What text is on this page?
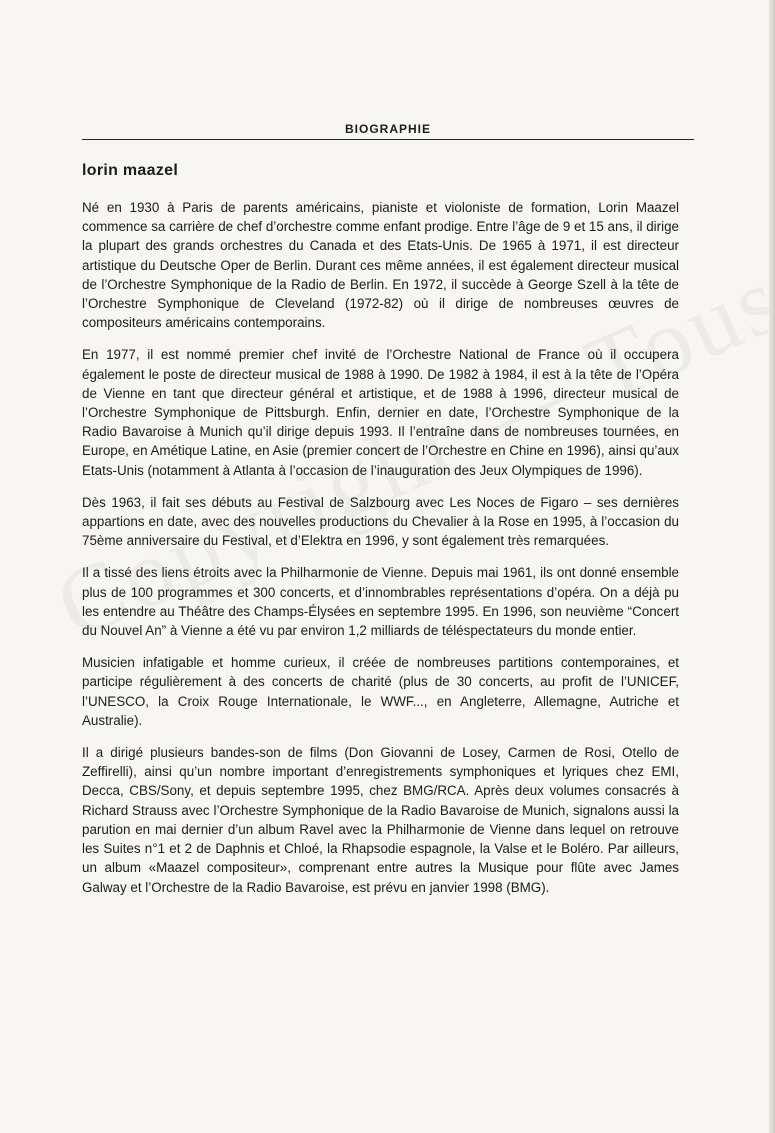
BIOGRAPHIE
lorin maazel

Né en 1930 à Paris de parents américains, pianiste et violoniste de formation, Lorin Maazel commence sa carrière de chef d’orchestre comme enfant prodige. Entre l’âge de 9 et 15 ans, il dirige la plupart des grands orchestres du Canada et des Etats-Unis. De 1965 à 1971, il est directeur artistique du Deutsche Oper de Berlin. Durant ces même années, il est également directeur musical de l’Orchestre Symphonique de la Radio de Berlin. En 1972, il succède à George Szell à la tête de l’Orchestre Symphonique de Cleveland (1972-82) où il dirige de nombreuses œuvres de compositeurs américains contemporains.

En 1977, il est nommé premier chef invité de l’Orchestre National de France où il occupera également le poste de directeur musical de 1988 à 1990. De 1982 à 1984, il est à la tête de l’Opéra de Vienne en tant que directeur général et artistique, et de 1988 à 1996, directeur musical de l’Orchestre Symphonique de Pittsburgh. Enfin, dernier en date, l’Orchestre Symphonique de la Radio Bavaroise à Munich qu’il dirige depuis 1993. Il l’entraîne dans de nombreuses tournées, en Europe, en Amétique Latine, en Asie (premier concert de l’Orchestre en Chine en 1996), ainsi qu’aux Etats-Unis (notamment à Atlanta à l’occasion de l’inauguration des Jeux Olympiques de 1996).

Dès 1963, il fait ses débuts au Festival de Salzbourg avec Les Noces de Figaro – ses dernières appartions en date, avec des nouvelles productions du Chevalier à la Rose en 1995, à l’occasion du 75ème anniversaire du Festival, et d’Elektra en 1996, y sont également très remarquées.

Il a tissé des liens étroits avec la Philharmonie de Vienne. Depuis mai 1961, ils ont donné ensemble plus de 100 programmes et 300 concerts, et d’innombrables représentations d’opéra. On a déjà pu les entendre au Théâtre des Champs-Élysées en septembre 1995. En 1996, son neuvième “Concert du Nouvel An” à Vienne a été vu par environ 1,2 milliards de téléspectateurs du monde entier.

Musicien infatigable et homme curieux, il créée de nombreuses partitions contemporaines, et participe régulièrement à des concerts de charité (plus de 30 concerts, au profit de l’UNICEF, l’UNESCO, la Croix Rouge Internationale, le WWF..., en Angleterre, Allemagne, Autriche et Australie).

Il a dirigé plusieurs bandes-son de films (Don Giovanni de Losey, Carmen de Rosi, Otello de Zeffirelli), ainsi qu’un nombre important d’enregistrements symphoniques et lyriques chez EMI, Decca, CBS/Sony, et depuis septembre 1995, chez BMG/RCA. Après deux volumes consacrés à Richard Strauss avec l’Orchestre Symphonique de la Radio Bavaroise de Munich, signalons aussi la parution en mai dernier d’un album Ravel avec la Philharmonie de Vienne dans lequel on retrouve les Suites n°1 et 2 de Daphnis et Chloé, la Rhapsodie espagnole, la Valse et le Boléro. Par ailleurs, un album «Maazel compositeur», comprenant entre autres la Musique pour flûte avec James Galway et l’Orchestre de la Radio Bavaroise, est prévu en janvier 1998 (BMG).
